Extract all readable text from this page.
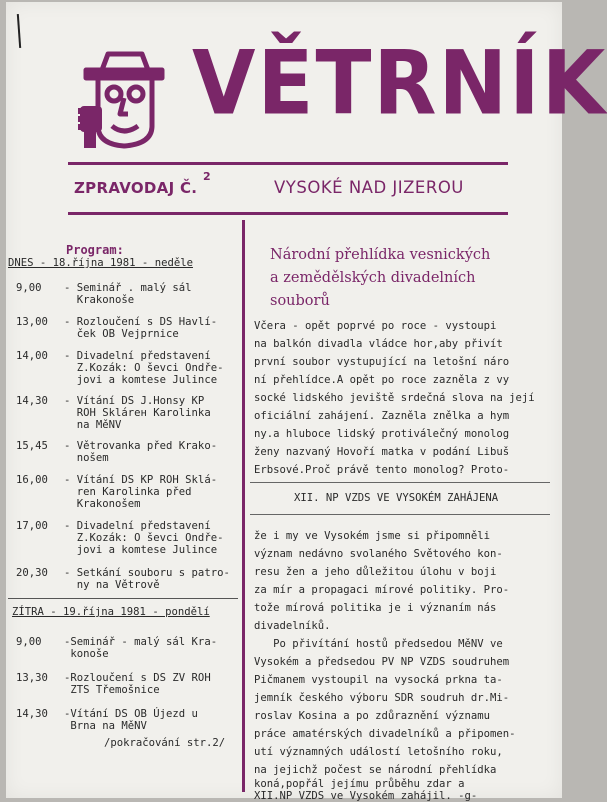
VĚTRNÍK
ZPRAVODAJ Č.
2
VYSOKÉ NAD JIZEROU
Program:
DNES - 18.října 1981 - neděle
9,00 - Seminář . malý sál
Krakonoše
13,00 - Rozloučení s DS Havlí-
ček OB Vejprnice
14,00 - Divadelní představení
Z.Kozák: O ševci Ondře-
jovi a komtese Julince
14,30 - Vítání DS J.Honsy KP
ROH Sklárен Karolinka
na MěNV
15,45 - Větrovanka před Krako-
nošem
16,00 - Vítání DS KP ROH Sklá-
ren Karolinka před
Krakonošem
17,00 - Divadelní představení
Z.Kozák: O ševci Ondře-
jovi a komtese Julince
20,30 - Setkání souboru s patro-
ny na Větrově
ZÍTRA - 19.října 1981 - pondělí
9,00 -Seminář - malý sál Kra-
konoše
13,30 -Rozloučení s DS ZV ROH
ZTS Třemošnice
14,30 -Vítání DS OB Újezd u
Brna na MěNV
/pokračování str.2/
Národní přehlídka vesnických
a zemědělských divadelních
souborů
Včera - opět poprvé po roce - vystoupi
na balkón divadla vládce hor,aby přivít
první soubor vystupující na letošní náro
ní přehlídce.A opět po roce zazněla z vy
socké lidského jeviště srdečná slova na její
oficiální zahájení. Zazněla znělka a hym
ny.a hluboce lidský protiválečný monolog
ženy nazvaný Hovoří matka v podání Libuš
Erbsové.Proč právě tento monolog? Proto-
XII. NP VZDS VE VYSOKÉM ZAHÁJENA
že i my ve Vysokém jsme si připomněli
význam nedávno svolaného Světového kon-
resu žen a jeho důležitou úlohu v boji
za mír a propagaci mírové politiky. Pro-
tože mírová politika je i význaním nás
divadelníků.
Po přivítání hostů předsedou MěNV ve
Vysokém a předsedou PV NP VZDS soudruhem
Pičmanem vystoupil na vysocká prkna ta-
jemník českého výboru SDR soudruh dr.Mi-
roslav Kosina a po zdůraznění významu
práce amatérských divadelníků a připomen-
utí významných událostí letošního roku,
na jejichž počest se národní přehlídka
koná,popřál jejímu průběhu zdar a
XII.NP VZDS ve Vysokém zahájil. -g-
